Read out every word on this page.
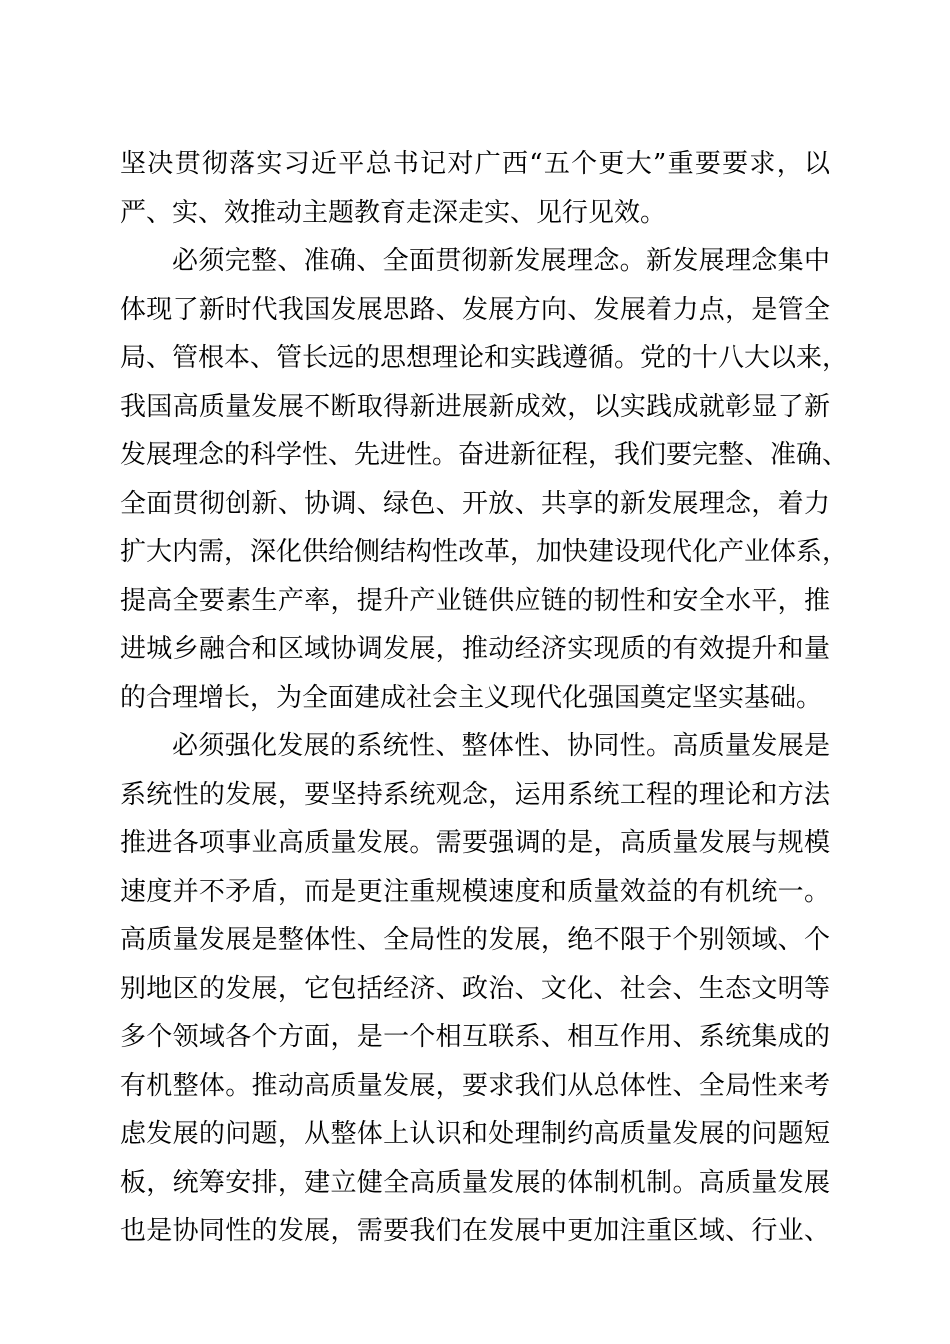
坚决贯彻落实习近平总书记对广西“五个更大”重要要求，以
严、实、效推动主题教育走深走实、见行见效。
必须完整、准确、全面贯彻新发展理念。新发展理念集中
体现了新时代我国发展思路、发展方向、发展着力点，是管全
局、管根本、管长远的思想理论和实践遵循。党的十八大以来，
我国高质量发展不断取得新进展新成效，以实践成就彰显了新
发展理念的科学性、先进性。奋进新征程，我们要完整、准确、
全面贯彻创新、协调、绿色、开放、共享的新发展理念，着力
扩大内需，深化供给侧结构性改革，加快建设现代化产业体系，
提高全要素生产率，提升产业链供应链的韧性和安全水平，推
进城乡融合和区域协调发展，推动经济实现质的有效提升和量
的合理增长，为全面建成社会主义现代化强国奠定坚实基础。
必须强化发展的系统性、整体性、协同性。高质量发展是
系统性的发展，要坚持系统观念，运用系统工程的理论和方法
推进各项事业高质量发展。需要强调的是，高质量发展与规模
速度并不矛盾，而是更注重规模速度和质量效益的有机统一。
高质量发展是整体性、全局性的发展，绝不限于个别领域、个
别地区的发展，它包括经济、政治、文化、社会、生态文明等
多个领域各个方面，是一个相互联系、相互作用、系统集成的
有机整体。推动高质量发展，要求我们从总体性、全局性来考
虑发展的问题，从整体上认识和处理制约高质量发展的问题短
板，统筹安排，建立健全高质量发展的体制机制。高质量发展
也是协同性的发展，需要我们在发展中更加注重区域、行业、
